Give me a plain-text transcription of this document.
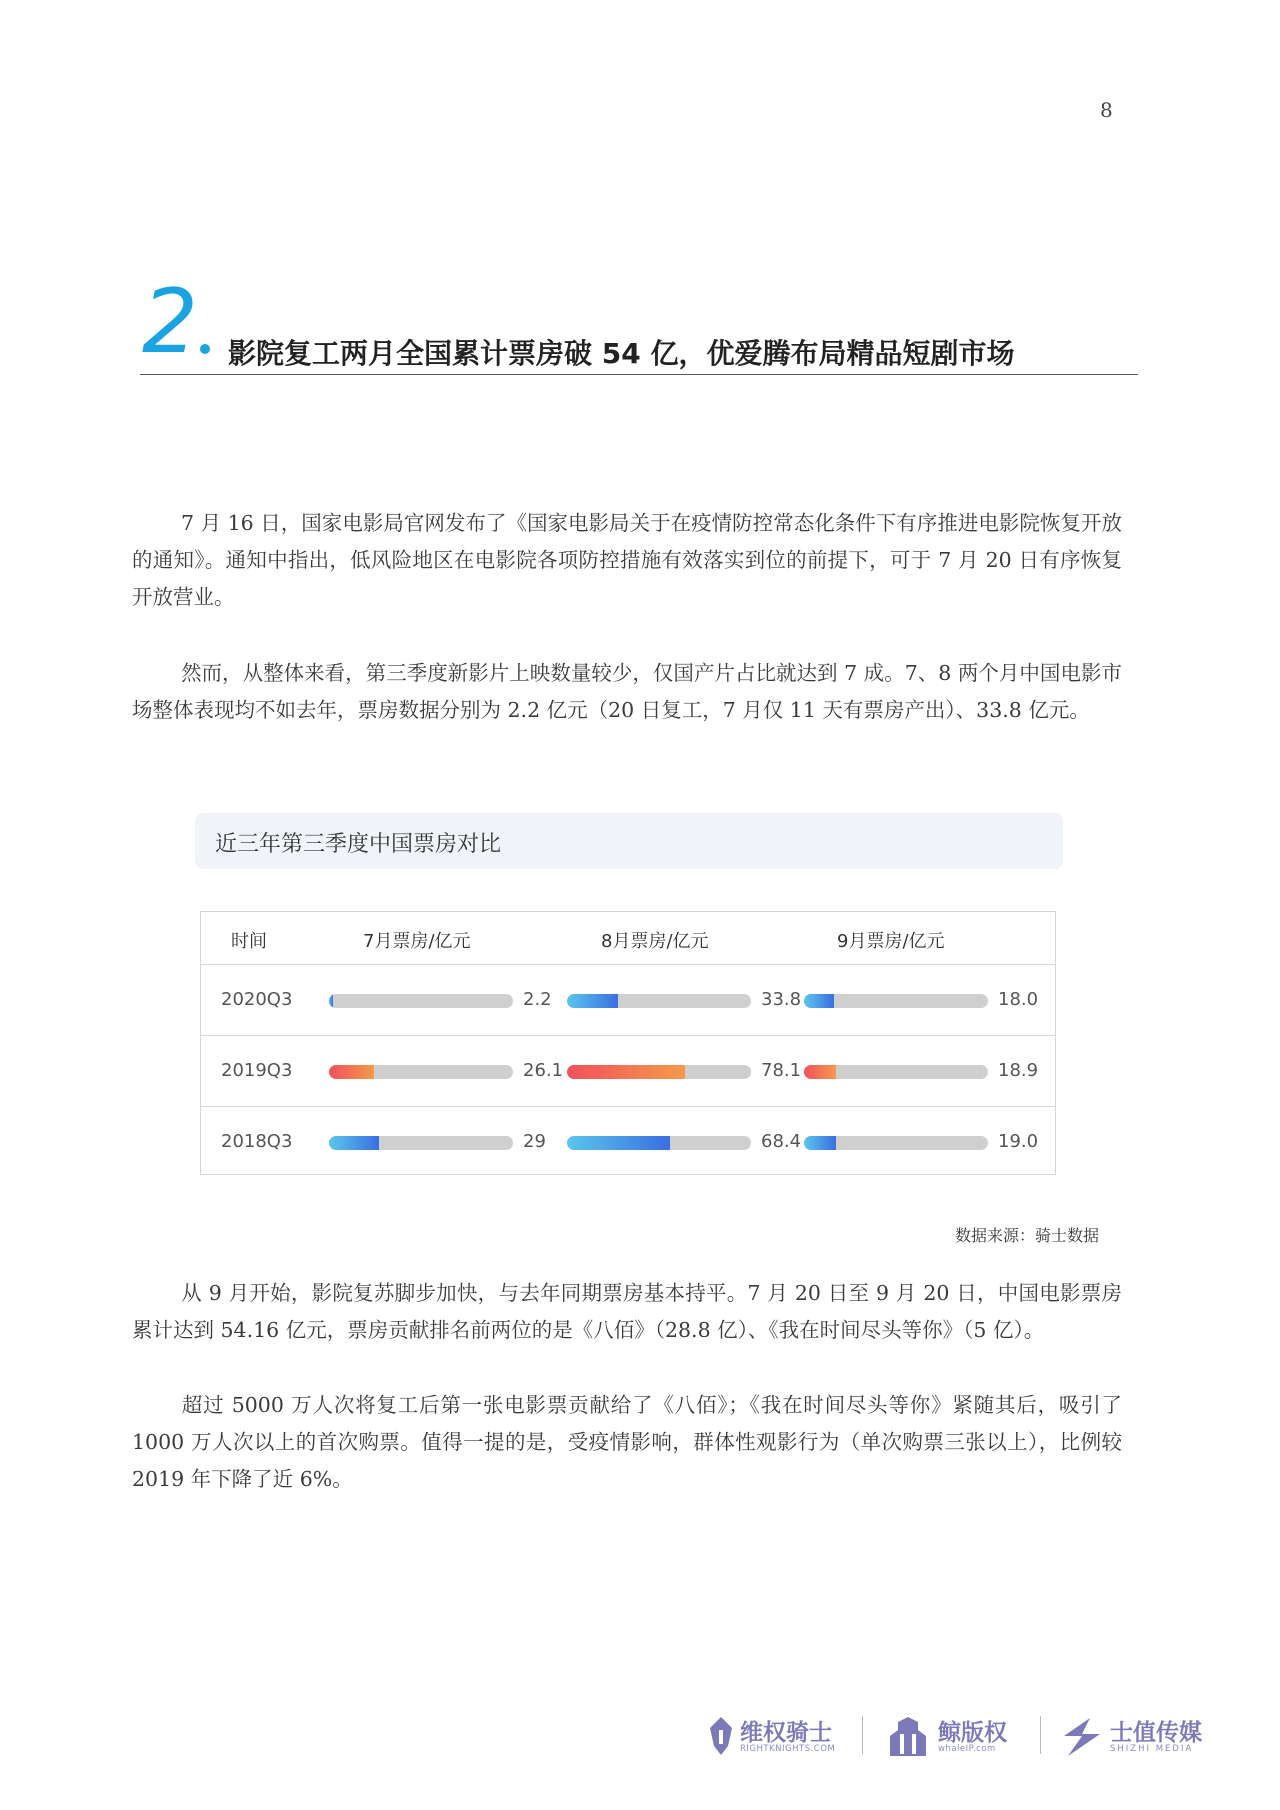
8
2 影院复工两月全国累计票房破 54 亿，优爱腾布局精品短剧市场

7 月 16 日，国家电影局官网发布了《国家电影局关于在疫情防控常态化条件下有序推进电影院恢复开放的通知》。通知中指出，低风险地区在电影院各项防控措施有效落实到位的前提下，可于 7 月 20 日有序恢复开放营业。

然而，从整体来看，第三季度新影片上映数量较少，仅国产片占比就达到 7 成。7、8 两个月中国电影市场整体表现均不如去年，票房数据分别为 2.2 亿元（20 日复工，7 月仅 11 天有票房产出）、33.8 亿元。

近三年第三季度中国票房对比
时间	7月票房/亿元	8月票房/亿元	9月票房/亿元
2020Q3	2.2	33.8	18.0
2019Q3	26.1	78.1	18.9
2018Q3	29	68.4	19.0
数据来源：骑士数据

从 9 月开始，影院复苏脚步加快，与去年同期票房基本持平。7 月 20 日至 9 月 20 日，中国电影票房累计达到 54.16 亿元，票房贡献排名前两位的是《八佰》（28.8 亿）、《我在时间尽头等你》（5 亿）。

超过 5000 万人次将复工后第一张电影票贡献给了《八佰》；《我在时间尽头等你》紧随其后，吸引了 1000 万人次以上的首次购票。值得一提的是，受疫情影响，群体性观影行为（单次购票三张以上），比例较 2019 年下降了近 6%。

维权骑士
RIGHTKNIGHTS.COM
鲸版权
whaleIP.com
士值传媒
SHIZHI MEDIA
